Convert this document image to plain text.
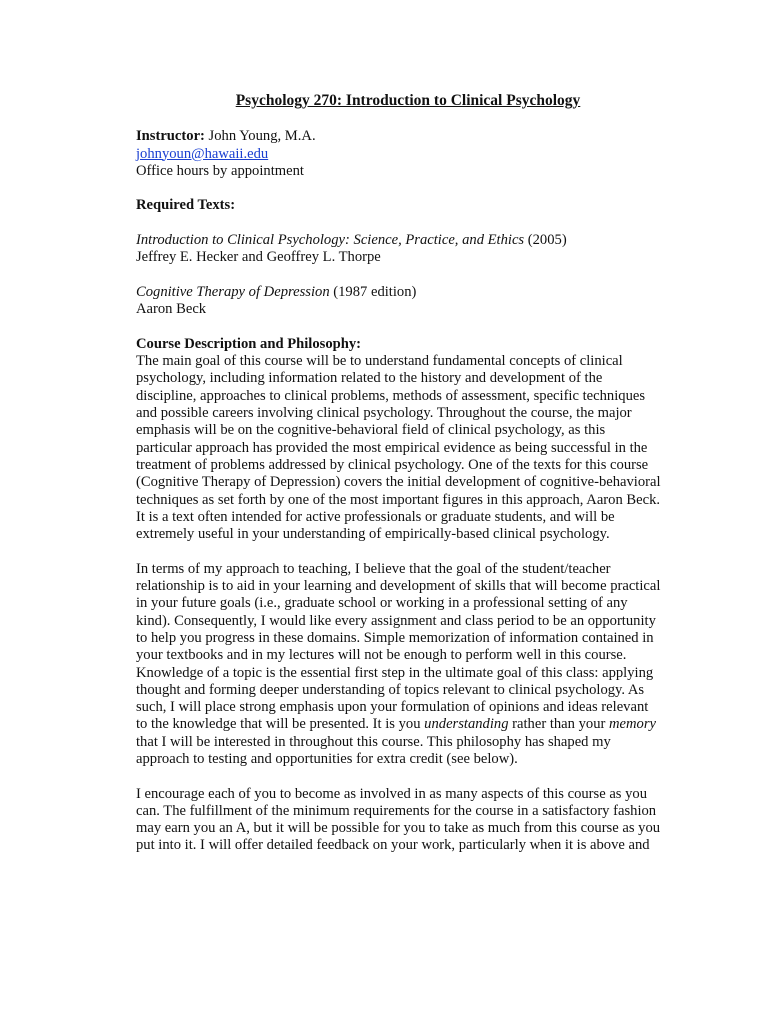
Psychology 270: Introduction to Clinical Psychology
Instructor: John Young, M.A.
johnyoun@hawaii.edu
Office hours by appointment
Required Texts:
Introduction to Clinical Psychology: Science, Practice, and Ethics (2005)
Jeffrey E. Hecker and Geoffrey L. Thorpe
Cognitive Therapy of Depression (1987 edition)
Aaron Beck
Course Description and Philosophy:

The main goal of this course will be to understand fundamental concepts of clinical
psychology, including information related to the history and development of the
discipline, approaches to clinical problems, methods of assessment, specific techniques
and possible careers involving clinical psychology. Throughout the course, the major
emphasis will be on the cognitive-behavioral field of clinical psychology, as this
particular approach has provided the most empirical evidence as being successful in the
treatment of problems addressed by clinical psychology. One of the texts for this course
(Cognitive Therapy of Depression) covers the initial development of cognitive-behavioral
techniques as set forth by one of the most important figures in this approach, Aaron Beck.
It is a text often intended for active professionals or graduate students, and will be
extremely useful in your understanding of empirically-based clinical psychology.

In terms of my approach to teaching, I believe that the goal of the student/teacher
relationship is to aid in your learning and development of skills that will become practical
in your future goals (i.e., graduate school or working in a professional setting of any
kind). Consequently, I would like every assignment and class period to be an opportunity
to help you progress in these domains. Simple memorization of information contained in
your textbooks and in my lectures will not be enough to perform well in this course.
Knowledge of a topic is the essential first step in the ultimate goal of this class: applying
thought and forming deeper understanding of topics relevant to clinical psychology. As
such, I will place strong emphasis upon your formulation of opinions and ideas relevant
to the knowledge that will be presented. It is you understanding rather than your memory
that I will be interested in throughout this course. This philosophy has shaped my
approach to testing and opportunities for extra credit (see below).

I encourage each of you to become as involved in as many aspects of this course as you
can. The fulfillment of the minimum requirements for the course in a satisfactory fashion
may earn you an A, but it will be possible for you to take as much from this course as you
put into it. I will offer detailed feedback on your work, particularly when it is above and
